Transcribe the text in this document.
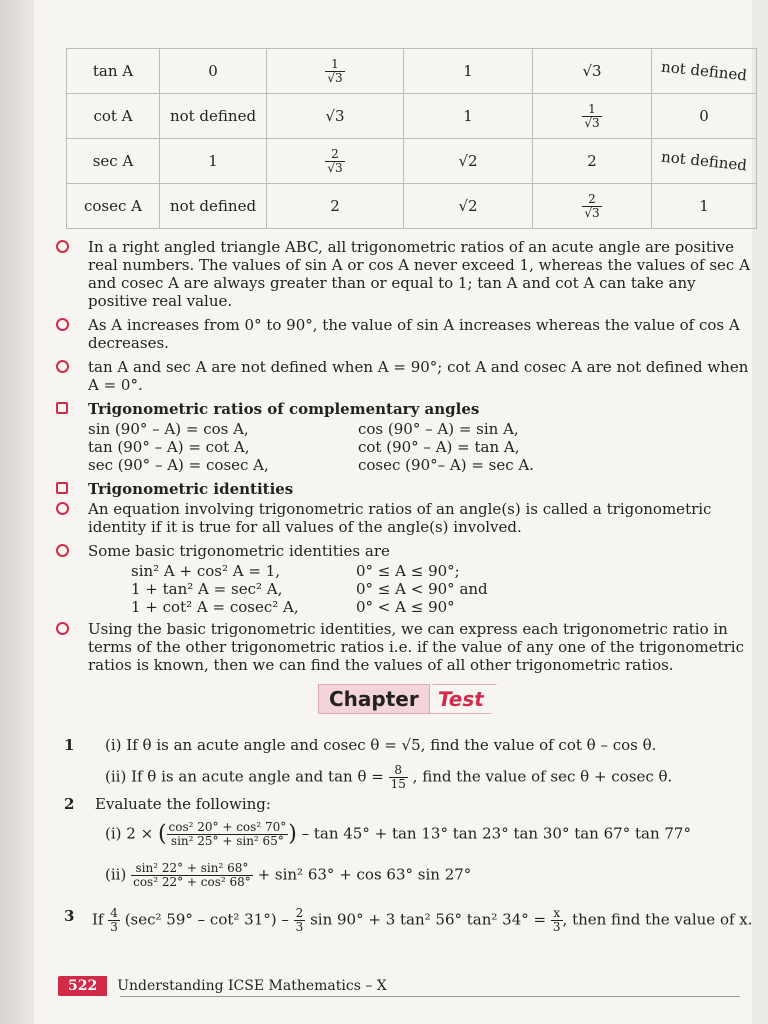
tan A	0	$\frac{1}{√3}$	1	√3	not defined
cot A	not defined	√3	1	$\frac{1}{√3}$	0
sec A	1	$\frac{2}{√3}$	√2	2	not defined
cosec A	not defined	2	√2	$\frac{2}{√3}$	1
In a right angled triangle ABC, all trigonometric ratios of an acute angle are positive real numbers. The values of sin A or cos A never exceed 1, whereas the values of sec A and cosec A are always greater than or equal to 1; tan A and cot A can take any positive real value.
As A increases from 0° to 90°, the value of sin A increases whereas the value of cos A decreases.
tan A and sec A are not defined when A = 90°; cot A and cosec A are not defined when A = 0°.
Trigonometric ratios of complementary angles
sin (90° – A) = cos A,	cos (90° – A) = sin A,
tan (90° – A) = cot A,	cot (90° – A) = tan A,
sec (90° – A) = cosec A,	cosec (90°– A) = sec A.
Trigonometric identities
An equation involving trigonometric ratios of an angle(s) is called a trigonometric identity if it is true for all values of the angle(s) involved.
Some basic trigonometric identities are
sin² A + cos² A = 1,	0° ≤ A ≤ 90°;
1 + tan² A = sec² A,	0° ≤ A < 90° and
1 + cot² A = cosec² A,	0° < A ≤ 90°
Using the basic trigonometric identities, we can express each trigonometric ratio in terms of the other trigonometric ratios i.e. if the value of any one of the trigonometric ratios is known, then we can find the values of all other trigonometric ratios.
Chapter Test
1 (i) If θ is an acute angle and cosec θ = √5, find the value of cot θ – cos θ.
(ii) If θ is an acute angle and $\tan \theta = \frac{8}{15}$ , find the value of sec θ + cosec θ.
2 Evaluate the following:
(i) 2 × ( $\frac{\text{cos² 20° + cos² 70°}}{\text{sin² 25° + sin² 65°}}$ ) – tan 45° + tan 13° tan 23° tan 30° tan 67° tan 77°
$(ii) \frac{\text{sin² 22° + sin² 68°}}{\text{cos² 22° + cos² 68°}} + \sin^2$ 63° + cos 63° sin 27°
3 If $\frac{4}{3} (\sec^2$ 59° – cot² $31^\circ) - \frac{2}{3}$ sin 90° + 3 tan² 56° tan² $34^\circ = \frac{x}{3}$ , then find the value of x.
522	Understanding ICSE Mathematics – X
